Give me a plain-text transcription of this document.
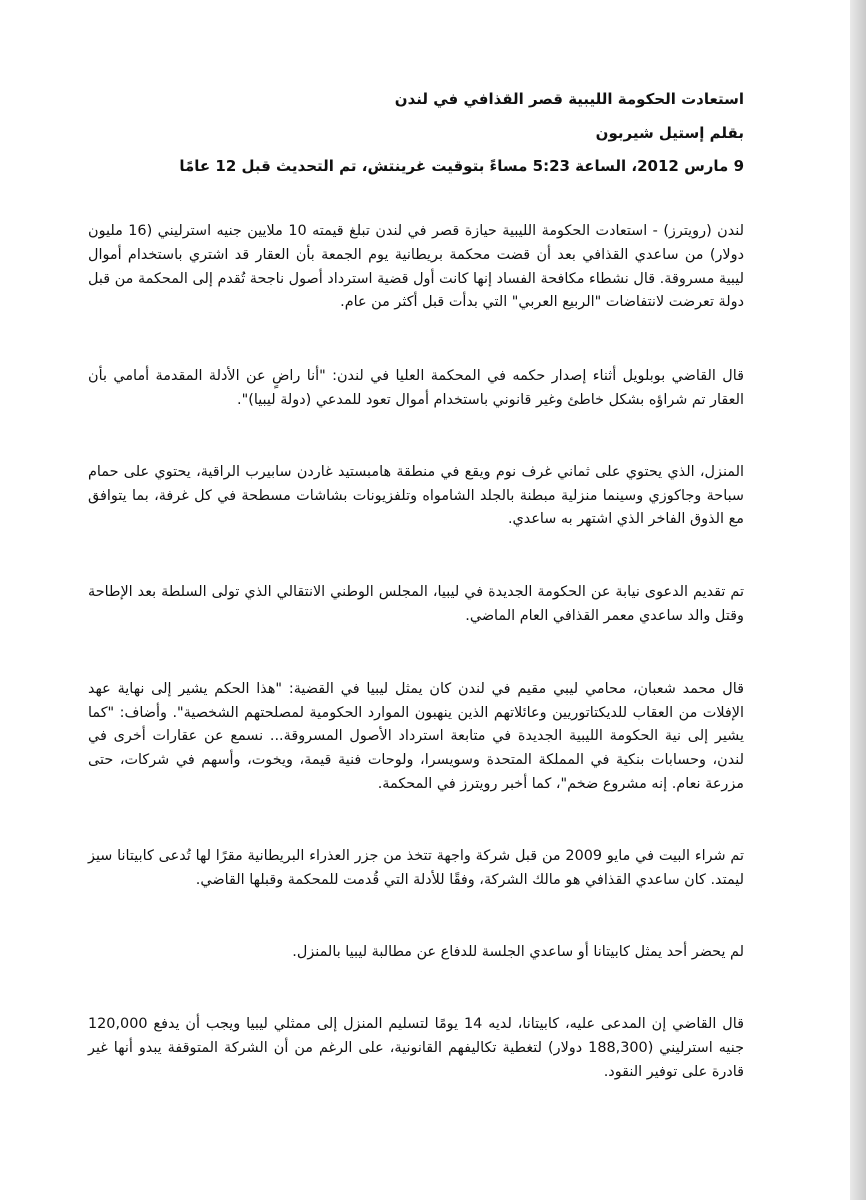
استعادت الحكومة الليبية قصر القذافي في لندن

بقلم إستيل شيربون

9 مارس 2012، الساعة 5:23 مساءً بتوقيت غرينتش، تم التحديث قبل 12 عامًا

لندن (رويترز) - استعادت الحكومة الليبية حيازة قصر في لندن تبلغ قيمته 10 ملايين جنيه استرليني (16 مليون دولار) من ساعدي القذافي بعد أن قضت محكمة بريطانية يوم الجمعة بأن العقار قد اشتري باستخدام أموال ليبية مسروقة. قال نشطاء مكافحة الفساد إنها كانت أول قضية استرداد أصول ناجحة تُقدم إلى المحكمة من قبل دولة تعرضت لانتفاضات "الربيع العربي" التي بدأت قبل أكثر من عام.

قال القاضي بوبلويل أثناء إصدار حكمه في المحكمة العليا في لندن: "أنا راضٍ عن الأدلة المقدمة أمامي بأن العقار تم شراؤه بشكل خاطئ وغير قانوني باستخدام أموال تعود للمدعي (دولة ليبيا)".

المنزل، الذي يحتوي على ثماني غرف نوم ويقع في منطقة هامبستيد غاردن سابيرب الراقية، يحتوي على حمام سباحة وجاكوزي وسينما منزلية مبطنة بالجلد الشامواه وتلفزيونات بشاشات مسطحة في كل غرفة، بما يتوافق مع الذوق الفاخر الذي اشتهر به ساعدي.

تم تقديم الدعوى نيابة عن الحكومة الجديدة في ليبيا، المجلس الوطني الانتقالي الذي تولى السلطة بعد الإطاحة وقتل والد ساعدي معمر القذافي العام الماضي.

قال محمد شعبان، محامي ليبي مقيم في لندن كان يمثل ليبيا في القضية: "هذا الحكم يشير إلى نهاية عهد الإفلات من العقاب للديكتاتوريين وعائلاتهم الذين ينهبون الموارد الحكومية لمصلحتهم الشخصية". وأضاف: "كما يشير إلى نية الحكومة الليبية الجديدة في متابعة استرداد الأصول المسروقة... نسمع عن عقارات أخرى في لندن، وحسابات بنكية في المملكة المتحدة وسويسرا، ولوحات فنية قيمة، ويخوت، وأسهم في شركات، حتى مزرعة نعام. إنه مشروع ضخم"، كما أخبر رويترز في المحكمة.

تم شراء البيت في مايو 2009 من قبل شركة واجهة تتخذ من جزر العذراء البريطانية مقرًا لها تُدعى كابيتانا سيز ليمتد. كان ساعدي القذافي هو مالك الشركة، وفقًا للأدلة التي قُدمت للمحكمة وقبلها القاضي.

لم يحضر أحد يمثل كابيتانا أو ساعدي الجلسة للدفاع عن مطالبة ليبيا بالمنزل.

قال القاضي إن المدعى عليه، كابيتانا، لديه 14 يومًا لتسليم المنزل إلى ممثلي ليبيا ويجب أن يدفع 120,000 جنيه استرليني (188,300 دولار) لتغطية تكاليفهم القانونية، على الرغم من أن الشركة المتوقفة يبدو أنها غير قادرة على توفير النقود.
